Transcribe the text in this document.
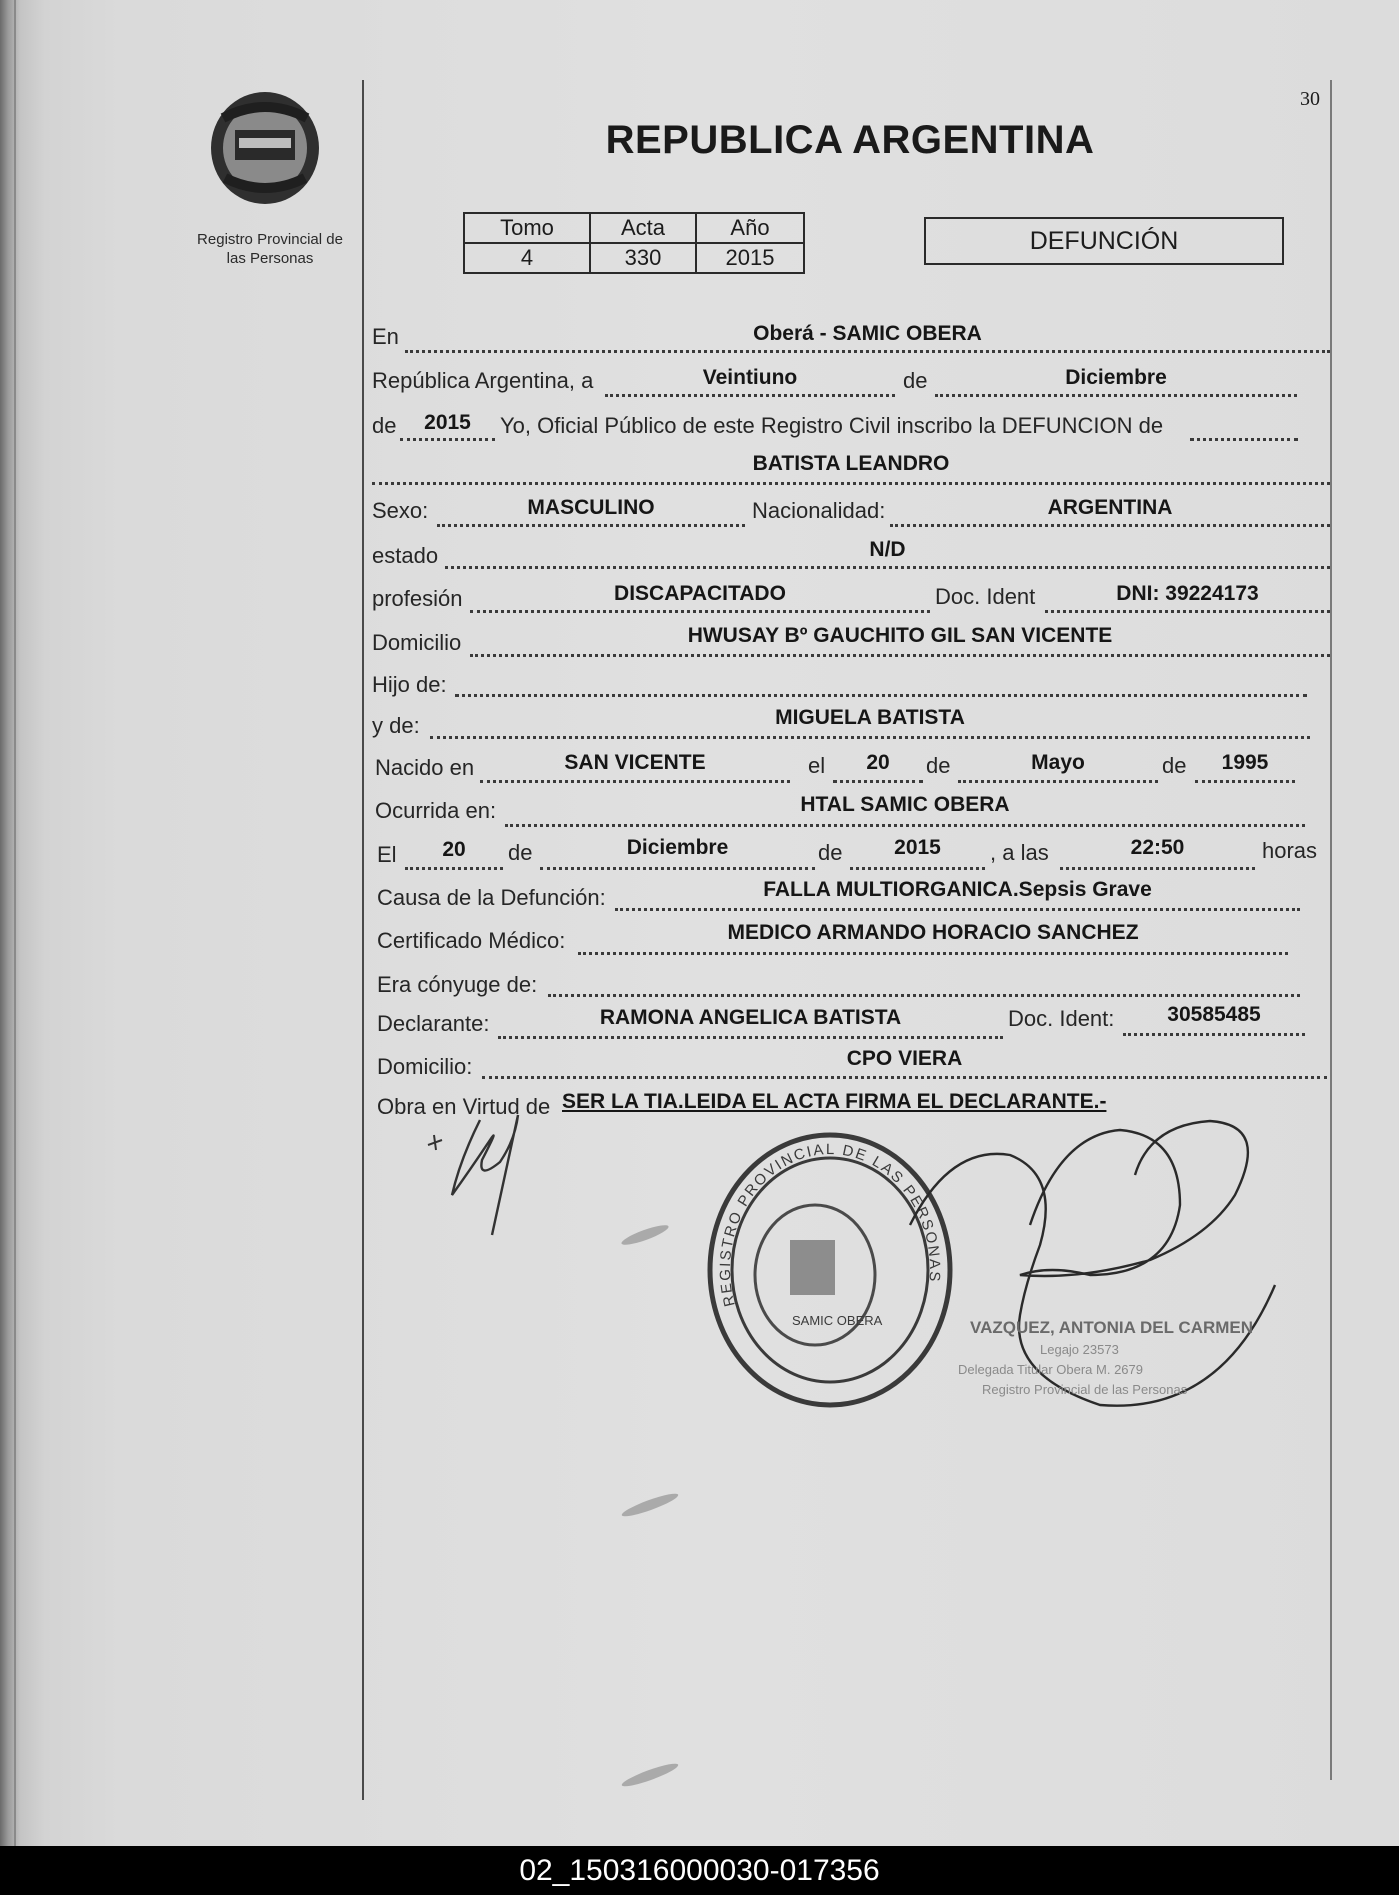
Registro Provincial de
las Personas
30
REPUBLICA ARGENTINA
Tomo	Acta	Año
4	330	2015
DEFUNCIÓN
En	Oberá - SAMIC OBERA
República Argentina, a	Veintiuno	de	Diciembre
de	2015	Yo, Oficial Público de este Registro Civil inscribo la DEFUNCION de
BATISTA LEANDRO
Sexo:	MASCULINO	Nacionalidad:	ARGENTINA
estado	N/D
profesión	DISCAPACITADO	Doc. Ident	DNI: 39224173
Domicilio	HWUSAY Bº GAUCHITO GIL SAN VICENTE
Hijo de:
y de:	MIGUELA BATISTA
Nacido en	SAN VICENTE	el	20	de	Mayo	de	1995
Ocurrida en:	HTAL SAMIC OBERA
El	20	de	Diciembre	de	2015	, a las	22:50	horas
Causa de la Defunción:	FALLA MULTIORGANICA.Sepsis Grave
Certificado Médico:	MEDICO ARMANDO HORACIO SANCHEZ
Era cónyuge de:
Declarante:	RAMONA ANGELICA BATISTA	Doc. Ident:	30585485
Domicilio:	CPO VIERA
Obra en Virtud de SER LA TIA.LEIDA EL ACTA FIRMA EL DECLARANTE.-
REGISTRO PROVINCIAL DE LAS PERSONAS
SAMIC OBERA	VAZQUEZ, ANTONIA DEL CARMEN
Legajo 23573
Delegada Titular Obera M. 2679
Registro Provincial de las Personas
02_150316000030-017356
